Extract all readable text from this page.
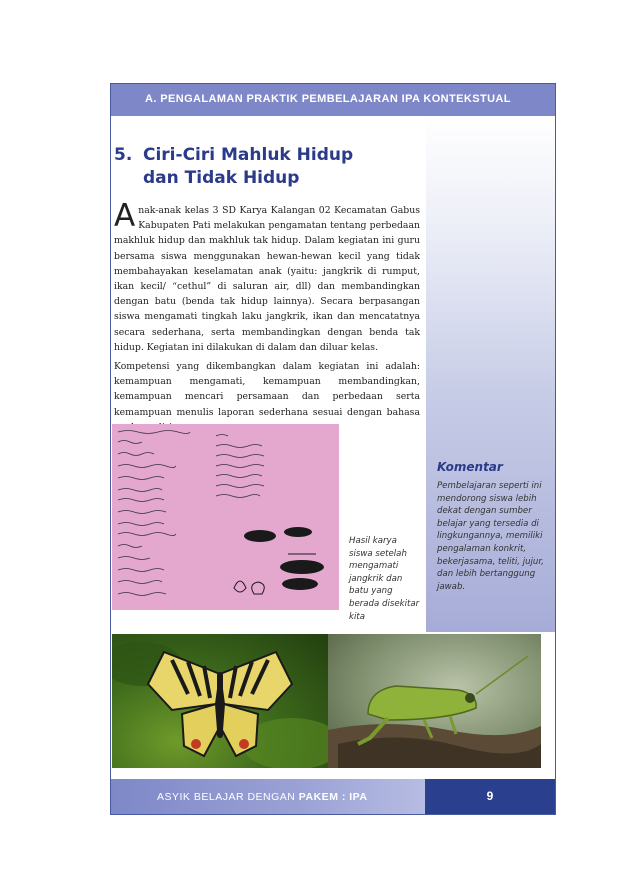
A. PENGALAMAN PRAKTIK PEMBELAJARAN IPA KONTEKSTUAL
5. Ciri-Ciri Mahluk Hidup
dan Tidak Hidup

Anak-anak kelas 3 SD Karya Kalangan 02 Kecamatan Gabus Kabupaten Pati melakukan pengamatan tentang perbedaan makhluk hidup dan makhluk tak hidup. Dalam kegiatan ini guru bersama siswa menggunakan hewan-hewan kecil yang tidak membahayakan keselamatan anak (yaitu: jangkrik di rumput, ikan kecil/ “cethul” di saluran air, dll) dan membandingkan dengan batu (benda tak hidup lainnya). Secara berpasangan siswa mengamati tingkah laku jangkrik, ikan dan mencatatnya secara sederhana, serta membandingkan dengan benda tak hidup. Kegiatan ini dilakukan di dalam dan diluar kelas.

Kompetensi yang dikembangkan dalam kegiatan ini adalah: kemampuan mengamati, kemampuan membandingkan, kemampuan mencari persamaan dan perbedaan serta kemampuan menulis laporan sederhana sesuai dengan bahasa

Hasil karya siswa setelah mengamati jangkrik dan batu yang berada disekitar kita
Komentar
Pembelajaran seperti ini mendorong siswa lebih dekat dengan sumber belajar yang tersedia di lingkungannya, memiliki pengalaman konkrit, bekerjasama, teliti, jujur, dan lebih bertanggung jawab.
ASYIK BELAJAR DENGAN PAKEM : IPA	9
